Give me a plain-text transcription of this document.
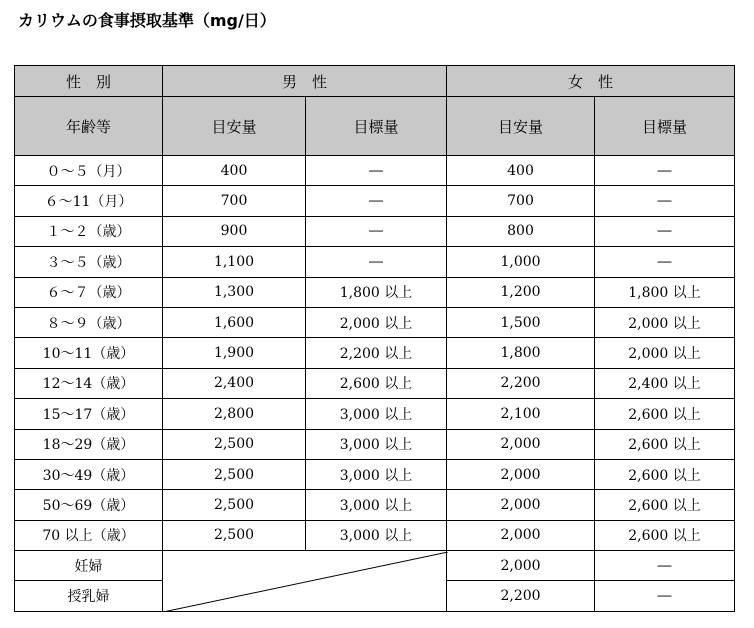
カリウムの食事摂取基準（mg/日）
性　別	男　性		女　性	
年齢等	目安量	目標量	目安量	目標量
０～５（月）	400	―	400	―
６～11（月）	700	―	700	―
１～２（歳）	900	―	800	―
３～５（歳）	1,100	―	1,000	―
６～７（歳）	1,300	1,800 以上	1,200	1,800 以上
８～９（歳）	1,600	2,000 以上	1,500	2,000 以上
10～11（歳）	1,900	2,200 以上	1,800	2,000 以上
12～14（歳）	2,400	2,600 以上	2,200	2,400 以上
15～17（歳）	2,800	3,000 以上	2,100	2,600 以上
18～29（歳）	2,500	3,000 以上	2,000	2,600 以上
30～49（歳）	2,500	3,000 以上	2,000	2,600 以上
50～69（歳）	2,500	3,000 以上	2,000	2,600 以上
70 以上（歳）	2,500	3,000 以上	2,000	2,600 以上
妊婦			2,000	―
授乳婦			2,200	―
